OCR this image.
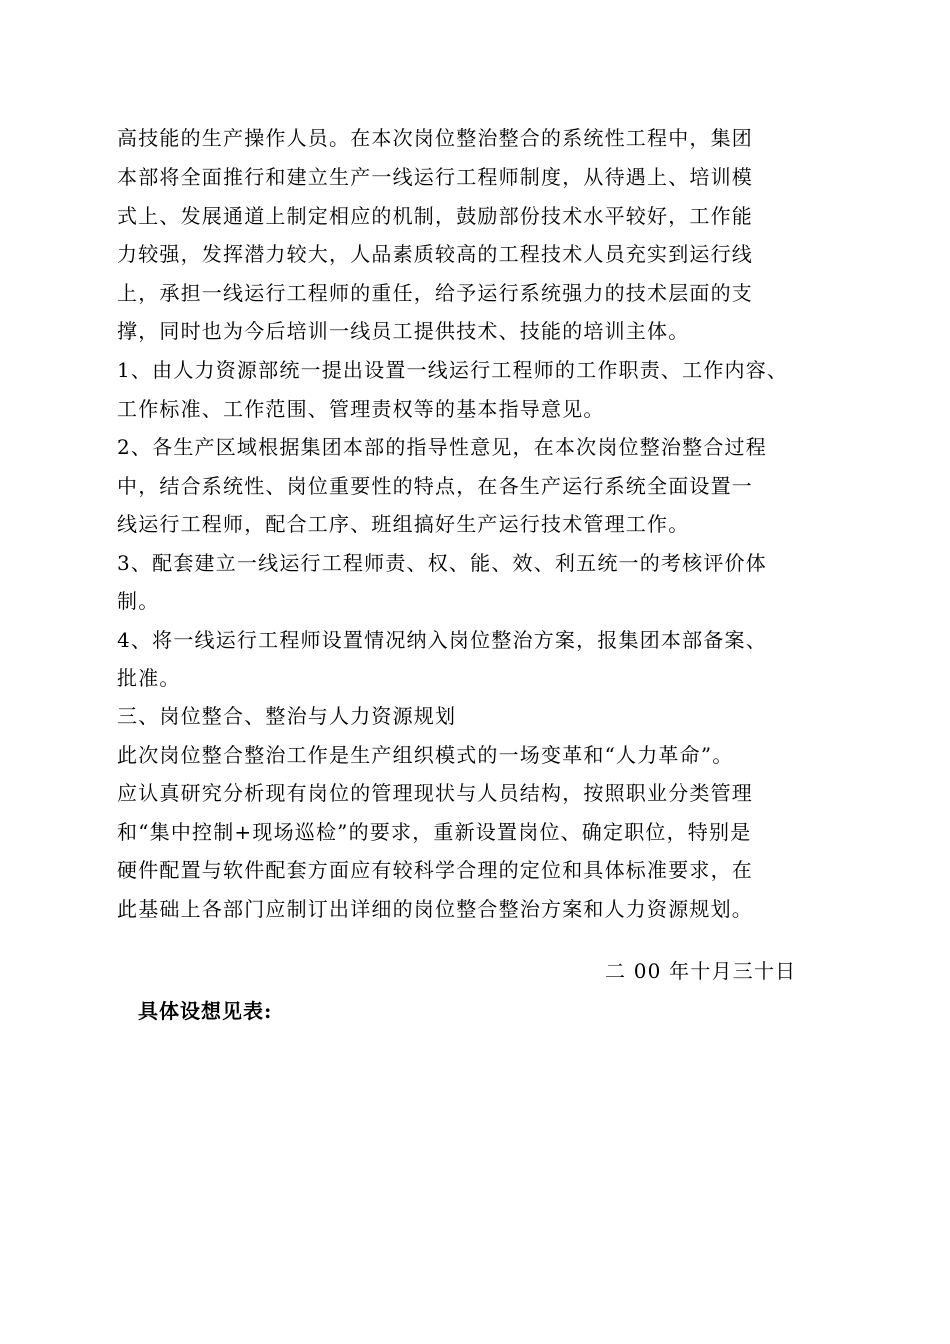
高技能的生产操作人员。在本次岗位整治整合的系统性工程中，集团
本部将全面推行和建立生产一线运行工程师制度，从待遇上、培训模
式上、发展通道上制定相应的机制，鼓励部份技术水平较好，工作能
力较强，发挥潜力较大，人品素质较高的工程技术人员充实到运行线
上，承担一线运行工程师的重任，给予运行系统强力的技术层面的支
撑，同时也为今后培训一线员工提供技术、技能的培训主体。
1、由人力资源部统一提出设置一线运行工程师的工作职责、工作内容、
工作标准、工作范围、管理责权等的基本指导意见。
2、各生产区域根据集团本部的指导性意见，在本次岗位整治整合过程
中，结合系统性、岗位重要性的特点，在各生产运行系统全面设置一
线运行工程师，配合工序、班组搞好生产运行技术管理工作。
3、配套建立一线运行工程师责、权、能、效、利五统一的考核评价体
制。
4、将一线运行工程师设置情况纳入岗位整治方案，报集团本部备案、
批准。
三、岗位整合、整治与人力资源规划
此次岗位整合整治工作是生产组织模式的一场变革和“人力革命”。
应认真研究分析现有岗位的管理现状与人员结构，按照职业分类管理
和“集中控制+现场巡检”的要求，重新设置岗位、确定职位，特别是
硬件配置与软件配套方面应有较科学合理的定位和具体标准要求，在
此基础上各部门应制订出详细的岗位整合整治方案和人力资源规划。
二 00 年十月三十日
具体设想见表:
